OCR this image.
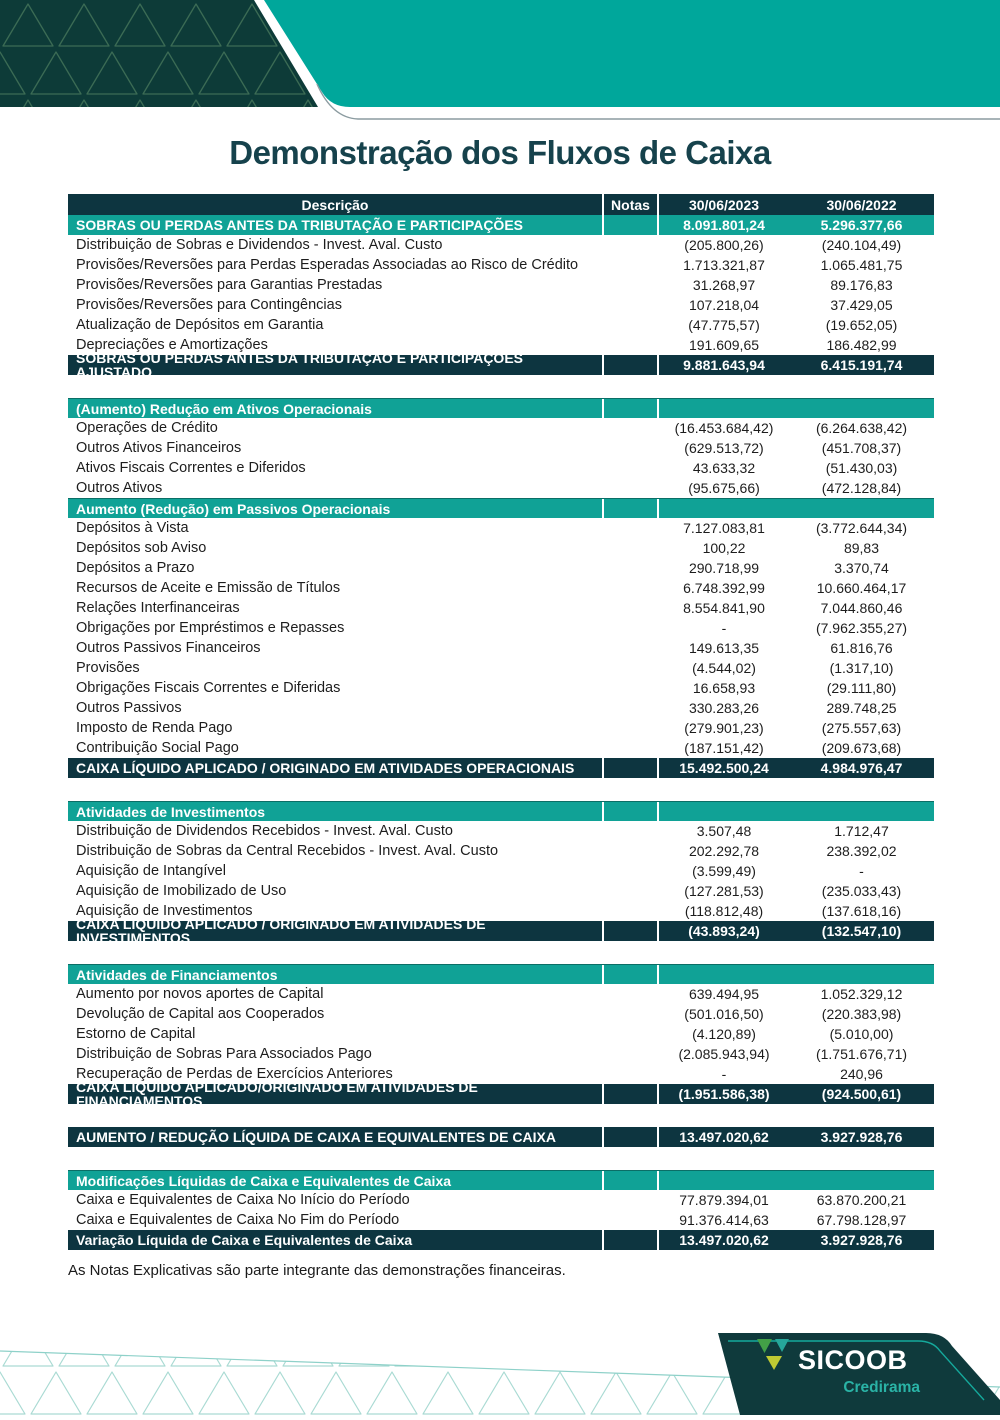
Demonstração dos Fluxos de Caixa
Descrição	Notas	30/06/2023	30/06/2022
SOBRAS OU PERDAS ANTES DA TRIBUTAÇÃO E PARTICIPAÇÕES	8.091.801,24	5.296.377,66
Distribuição de Sobras e Dividendos - Invest. Aval. Custo	(205.800,26)	(240.104,49)
Provisões/Reversões para Perdas Esperadas Associadas ao Risco de Crédito	1.713.321,87	1.065.481,75
Provisões/Reversões para Garantias Prestadas	31.268,97	89.176,83
Provisões/Reversões para Contingências	107.218,04	37.429,05
Atualização de Depósitos em Garantia	(47.775,57)	(19.652,05)
Depreciações e Amortizações	191.609,65	186.482,99
SOBRAS OU PERDAS ANTES DA TRIBUTAÇÃO E PARTICIPAÇÕES AJUSTADO	9.881.643,94	6.415.191,74
(Aumento) Redução em Ativos Operacionais
Operações de Crédito	(16.453.684,42)	(6.264.638,42)
Outros Ativos Financeiros	(629.513,72)	(451.708,37)
Ativos Fiscais Correntes e Diferidos	43.633,32	(51.430,03)
Outros Ativos	(95.675,66)	(472.128,84)
Aumento (Redução) em Passivos Operacionais
Depósitos à Vista	7.127.083,81	(3.772.644,34)
Depósitos sob Aviso	100,22	89,83
Depósitos a Prazo	290.718,99	3.370,74
Recursos de Aceite e Emissão de Títulos	6.748.392,99	10.660.464,17
Relações Interfinanceiras	8.554.841,90	7.044.860,46
Obrigações por Empréstimos e Repasses	-	(7.962.355,27)
Outros Passivos Financeiros	149.613,35	61.816,76
Provisões	(4.544,02)	(1.317,10)
Obrigações Fiscais Correntes e Diferidas	16.658,93	(29.111,80)
Outros Passivos	330.283,26	289.748,25
Imposto de Renda Pago	(279.901,23)	(275.557,63)
Contribuição Social Pago	(187.151,42)	(209.673,68)
CAIXA LÍQUIDO APLICADO / ORIGINADO EM ATIVIDADES OPERACIONAIS	15.492.500,24	4.984.976,47
Atividades de Investimentos
Distribuição de Dividendos Recebidos - Invest. Aval. Custo	3.507,48	1.712,47
Distribuição de Sobras da Central Recebidos - Invest. Aval. Custo	202.292,78	238.392,02
Aquisição de Intangível	(3.599,49)	-
Aquisição de Imobilizado de Uso	(127.281,53)	(235.033,43)
Aquisição de Investimentos	(118.812,48)	(137.618,16)
CAIXA LÍQUIDO APLICADO / ORIGINADO EM ATIVIDADES DE INVESTIMENTOS	(43.893,24)	(132.547,10)
Atividades de Financiamentos
Aumento por novos aportes de Capital	639.494,95	1.052.329,12
Devolução de Capital aos Cooperados	(501.016,50)	(220.383,98)
Estorno de Capital	(4.120,89)	(5.010,00)
Distribuição de Sobras Para Associados Pago	(2.085.943,94)	(1.751.676,71)
Recuperação de Perdas de Exercícios Anteriores	-	240,96
CAIXA LÍQUIDO APLICADO/ORIGINADO EM ATIVIDADES DE FINANCIAMENTOS	(1.951.586,38)	(924.500,61)
AUMENTO / REDUÇÃO LÍQUIDA DE CAIXA E EQUIVALENTES DE CAIXA	13.497.020,62	3.927.928,76
Modificações Líquidas de Caixa e Equivalentes de Caixa
Caixa e Equivalentes de Caixa No Início do Período	77.879.394,01	63.870.200,21
Caixa e Equivalentes de Caixa No Fim do Período	91.376.414,63	67.798.128,97
Variação Líquida de Caixa e Equivalentes de Caixa	13.497.020,62	3.927.928,76
As Notas Explicativas são parte integrante das demonstrações financeiras.
SICOOB
Credirama
